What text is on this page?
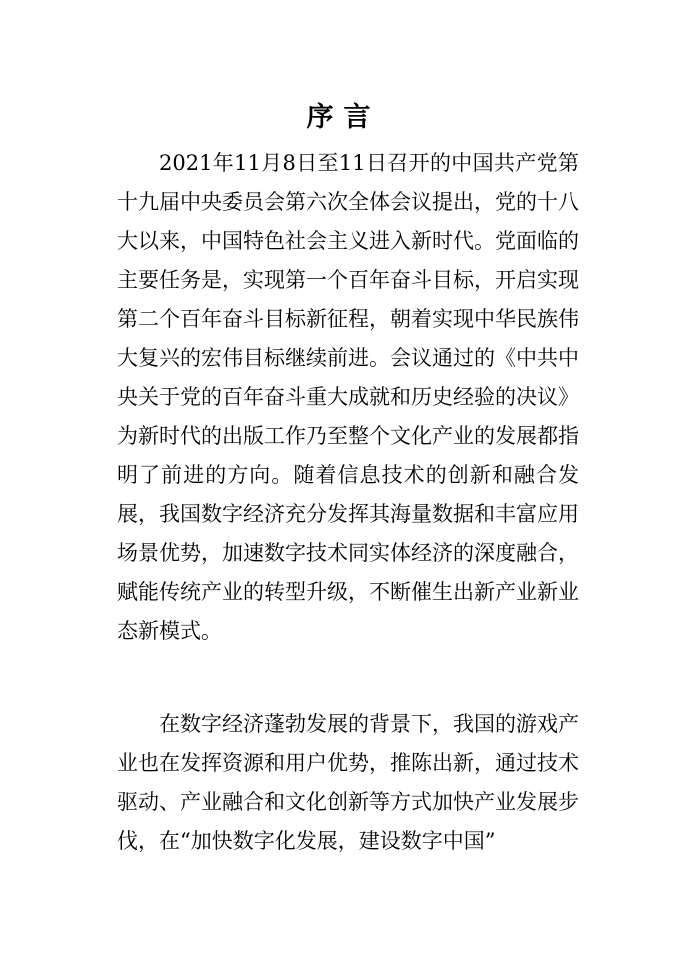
序言

2021年11月8日至11日召开的中国共产党第十九届中央委员会第六次全体会议提出，党的十八大以来，中国特色社会主义进入新时代。党面临的主要任务是，实现第一个百年奋斗目标，开启实现第二个百年奋斗目标新征程，朝着实现中华民族伟大复兴的宏伟目标继续前进。会议通过的《中共中央关于党的百年奋斗重大成就和历史经验的决议》为新时代的出版工作乃至整个文化产业的发展都指明了前进的方向。随着信息技术的创新和融合发展，我国数字经济充分发挥其海量数据和丰富应用场景优势，加速数字技术同实体经济的深度融合，赋能传统产业的转型升级，不断催生出新产业新业态新模式。

在数字经济蓬勃发展的背景下，我国的游戏产业也在发挥资源和用户优势，推陈出新，通过技术驱动、产业融合和文化创新等方式加快产业发展步伐，在“加快数字化发展，建设数字中国”
